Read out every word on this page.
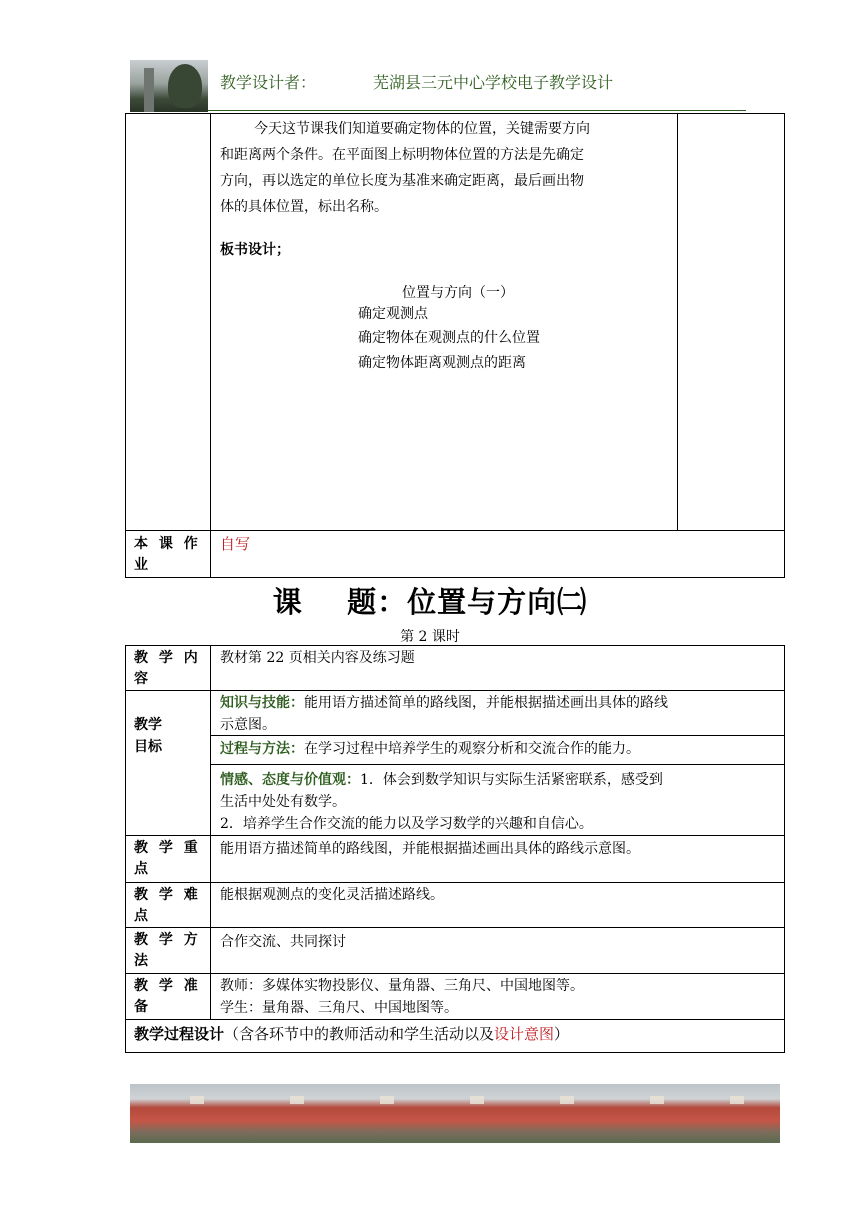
教学设计者：	芜湖县三元中心学校电子教学设计
今天这节课我们知道要确定物体的位置，关键需要方向
和距离两个条件。在平面图上标明物体位置的方法是先确定
方向，再以选定的单位长度为基准来确定距离，最后画出物
体的具体位置，标出名称。
板书设计；
位置与方向（一）
确定观测点
确定物体在观测点的什么位置
确定物体距离观测点的距离
本 课 作 业
自写
课    题：位置与方向㈡
第 2 课时
教 学 内 容
教材第 22 页相关内容及练习题
教学
目标
知识与技能：能用语方描述简单的路线图，并能根据描述画出具体的路线
示意图。
过程与方法：在学习过程中培养学生的观察分析和交流合作的能力。
情感、态度与价值观：1．体会到数学知识与实际生活紧密联系，感受到
生活中处处有数学。
2．培养学生合作交流的能力以及学习数学的兴趣和自信心。
教 学 重 点
能用语方描述简单的路线图，并能根据描述画出具体的路线示意图。
教 学 难 点
能根据观测点的变化灵活描述路线。
教 学 方 法
合作交流、共同探讨
教 学 准 备
教师：多媒体实物投影仪、量角器、三角尺、中国地图等。
学生：量角器、三角尺、中国地图等。
教学过程设计（含各环节中的教师活动和学生活动以及设计意图）
